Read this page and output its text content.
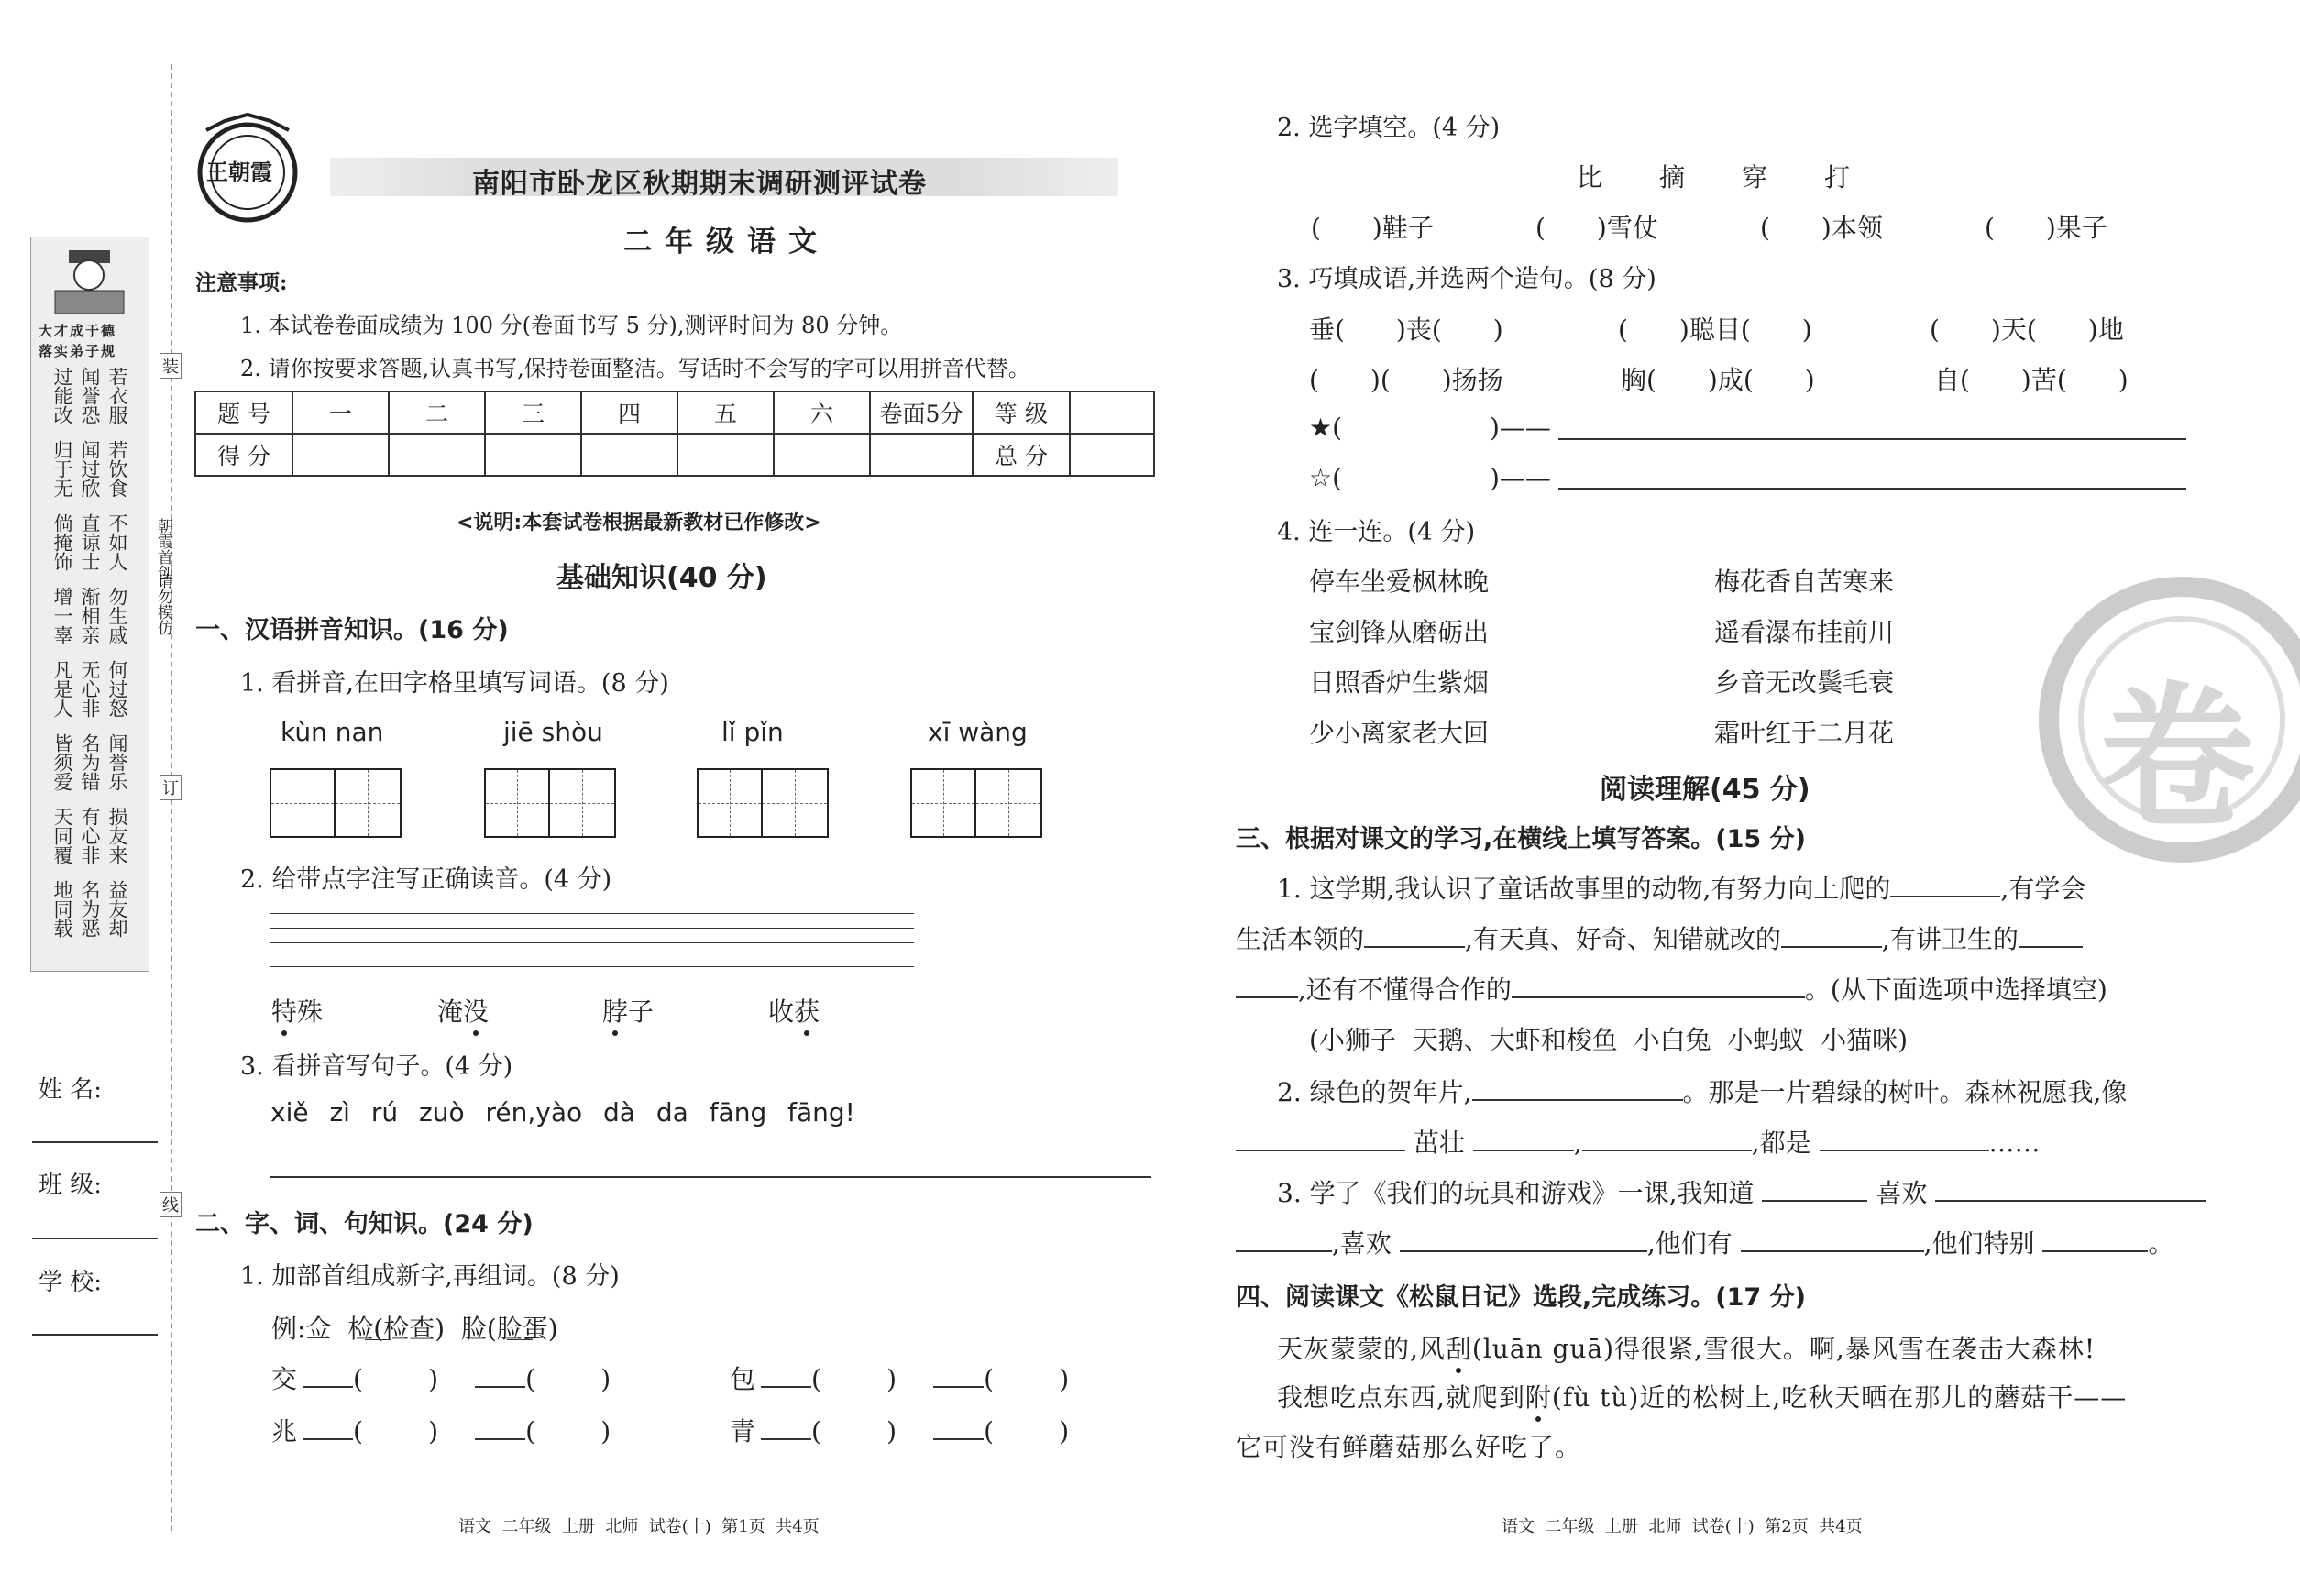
大才成于德
落实弟子规
若衣服
闻誉恐
过能改
若饮食
闻过欣
归于无
不如人
直谅士
倘掩饰
勿生戚
渐相亲
增一辜
何过怒
无心非
凡是人
闻誉乐
名为错
皆须爱
损友来
有心非
天同覆
益友却
名为恶
地同载
装
订
线
朝霞首创
请勿模仿
姓 名:
班 级:
学 校:
王朝霞	南阳市卧龙区秋期期末调研测评试卷
二年级语文
注意事项:
1. 本试卷卷面成绩为 100 分(卷面书写 5 分),测评时间为 80 分钟。
2. 请你按要求答题,认真书写,保持卷面整洁。写话时不会写的字可以用拼音代替。
题 号	一	二	三	四	五	六	卷面5分	等 级	
得 分								总 分	
<说明:本套试卷根据最新教材已作修改>
基础知识(40 分)
一、汉语拼音知识。(16 分)
1. 看拼音,在田字格里填写词语。(8 分)
kùn nan	jiē shòu	lǐ pǐn	xī wàng
2. 给带点字注写正确读音。(4 分)
特殊	淹没	脖子	收获
3. 看拼音写句子。(4 分)
xiě zì rú zuò rén,yào dà da fāng fāng!
二、字、词、句知识。(24 分)
1. 加部首组成新字,再组词。(8 分)
例:佥  检(检查)  脸(脸蛋)
交 (        )	(        )	包 (        )	(        )
兆 (        )	(        )	青 (        )	(        )
语文  二年级  上册  北师  试卷(十)  第1页  共4页
2. 选字填空。(4 分)
比 摘 穿 打
(　　)鞋子	(　　)雪仗	(　　)本领	(　　)果子
3. 巧填成语,并选两个造句。(8 分)
垂(　　)丧(　　)	(　　)聪目(　　)	(　　)天(　　)地
(　　)(　　)扬扬	胸(　　)成(　　)	自(　　)苦(　　)
★(	)——
☆(	)——
4. 连一连。(4 分)
停车坐爱枫林晚	梅花香自苦寒来
宝剑锋从磨砺出	遥看瀑布挂前川
日照香炉生紫烟	乡音无改鬓毛衰
少小离家老大回	霜叶红于二月花
阅读理解(45 分)
三、根据对课文的学习,在横线上填写答案。(15 分)
1. 这学期,我认识了童话故事里的动物,有努力向上爬的	,有学会
生活本领的	,有天真、好奇、知错就改的	,有讲卫生的
,还有不懂得合作的	。(从下面选项中选择填空)
(小狮子  天鹅、大虾和梭鱼  小白兔  小蚂蚁  小猫咪)
2. 绿色的贺年片,	。那是一片碧绿的树叶。森林祝愿我,像
茁壮	,	,都是	……
3. 学了《我们的玩具和游戏》一课,我知道	喜欢
,喜欢	,他们有	,他们特别	。
四、阅读课文《松鼠日记》选段,完成练习。(17 分)
天灰蒙蒙的,风刮(luān guā)得很紧,雪很大。啊,暴风雪在袭击大森林!
我想吃点东西,就爬到附(fù tù)近的松树上,吃秋天晒在那儿的蘑菇干——
它可没有鲜蘑菇那么好吃了。
语文  二年级  上册  北师  试卷(十)  第2页  共4页
卷
